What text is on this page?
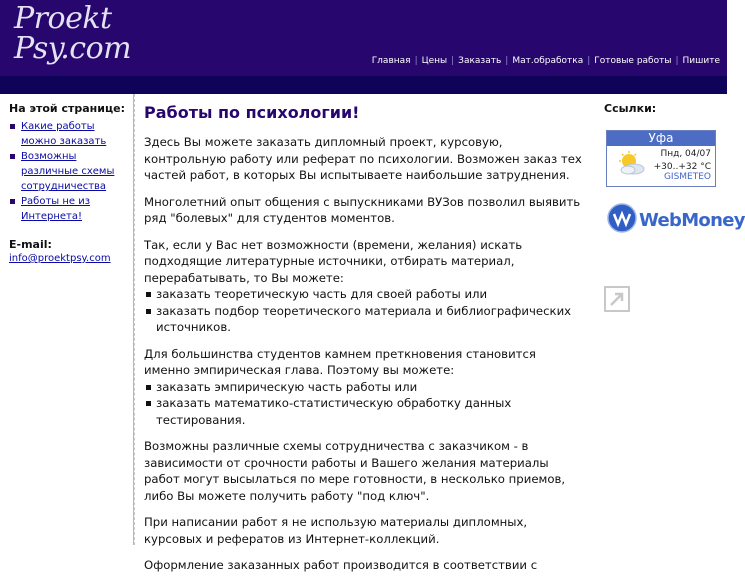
Proekt
Psy.com	Главная | Цены | Заказать | Мат.обработка | Готовые работы | Пишите
На этой странице:
Какие работы можно заказать
Возможны различные схемы сотрудничества
Работы не из Интернета!
E-mail:
info@proektpsy.com
Работы по психологии!

Здесь Вы можете заказать дипломный проект, курсовую, контрольную работу или реферат по психологии. Возможен заказ тех частей работ, в которых Вы испытываете наибольшие затруднения.

Многолетний опыт общения с выпускниками ВУЗов позволил выявить ряд "болевых" для студентов моментов.

Так, если у Вас нет возможности (времени, желания) искать подходящие литературные источники, отбирать материал, перерабатывать, то Вы можете:

заказать теоретическую часть для своей работы или
заказать подбор теоретического материала и библиографических источников.

Для большинства студентов камнем преткновения становится именно эмпирическая глава. Поэтому вы можете:

заказать эмпирическую часть работы или
заказать математико-статистическую обработку данных тестирования.

Возможны различные схемы сотрудничества с заказчиком - в зависимости от срочности работы и Вашего желания материалы работ могут высылаться по мере готовности, в несколько приемов, либо Вы можете получить работу "под ключ".

При написании работ я не использую материалы дипломных, курсовых и рефератов из Интернет-коллекций.

Оформление заказанных работ производится в соответствии с

Ссылки:
Уфа
Пнд, 04/07
+30..+32 °C
GISMETEO
WebMoney
